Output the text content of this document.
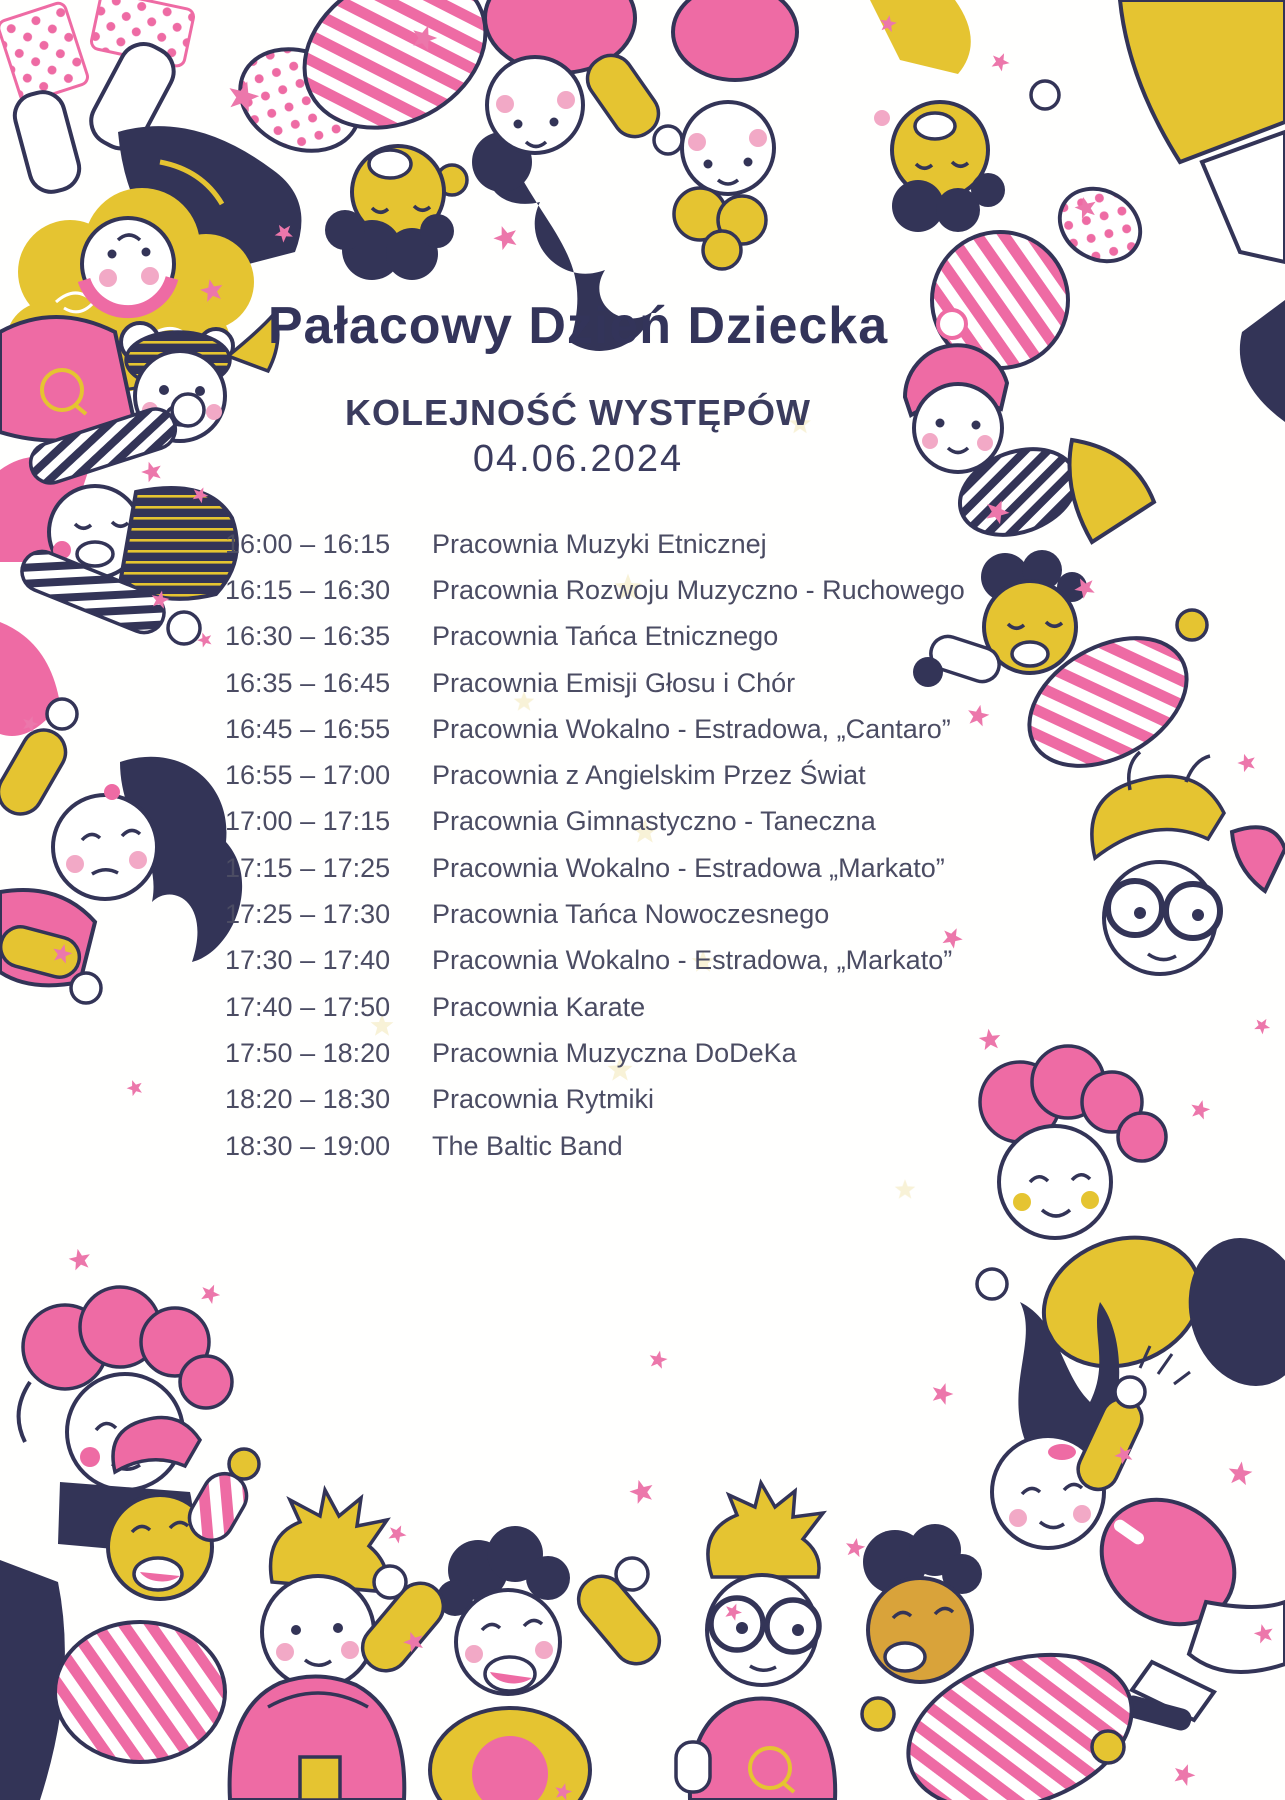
Pałacowy Dzień Dziecka
KOLEJNOŚĆ WYSTĘPÓW
04.06.2024
16:00 – 16:15	Pracownia Muzyki Etnicznej
16:15 – 16:30	Pracownia Rozwoju Muzyczno - Ruchowego
16:30 – 16:35	Pracownia Tańca Etnicznego
16:35 – 16:45	Pracownia Emisji Głosu i Chór
16:45 – 16:55	Pracownia Wokalno - Estradowa, „Cantaro”
16:55 – 17:00	Pracownia z Angielskim Przez Świat
17:00 – 17:15	Pracownia Gimnastyczno - Taneczna
17:15 – 17:25	Pracownia Wokalno - Estradowa „Markato”
17:25 – 17:30	Pracownia Tańca Nowoczesnego
17:30 – 17:40	Pracownia Wokalno - Estradowa, „Markato”
17:40 – 17:50	Pracownia Karate
17:50 – 18:20	Pracownia Muzyczna DoDeKa
18:20 – 18:30	Pracownia Rytmiki
18:30 – 19:00	The Baltic Band
